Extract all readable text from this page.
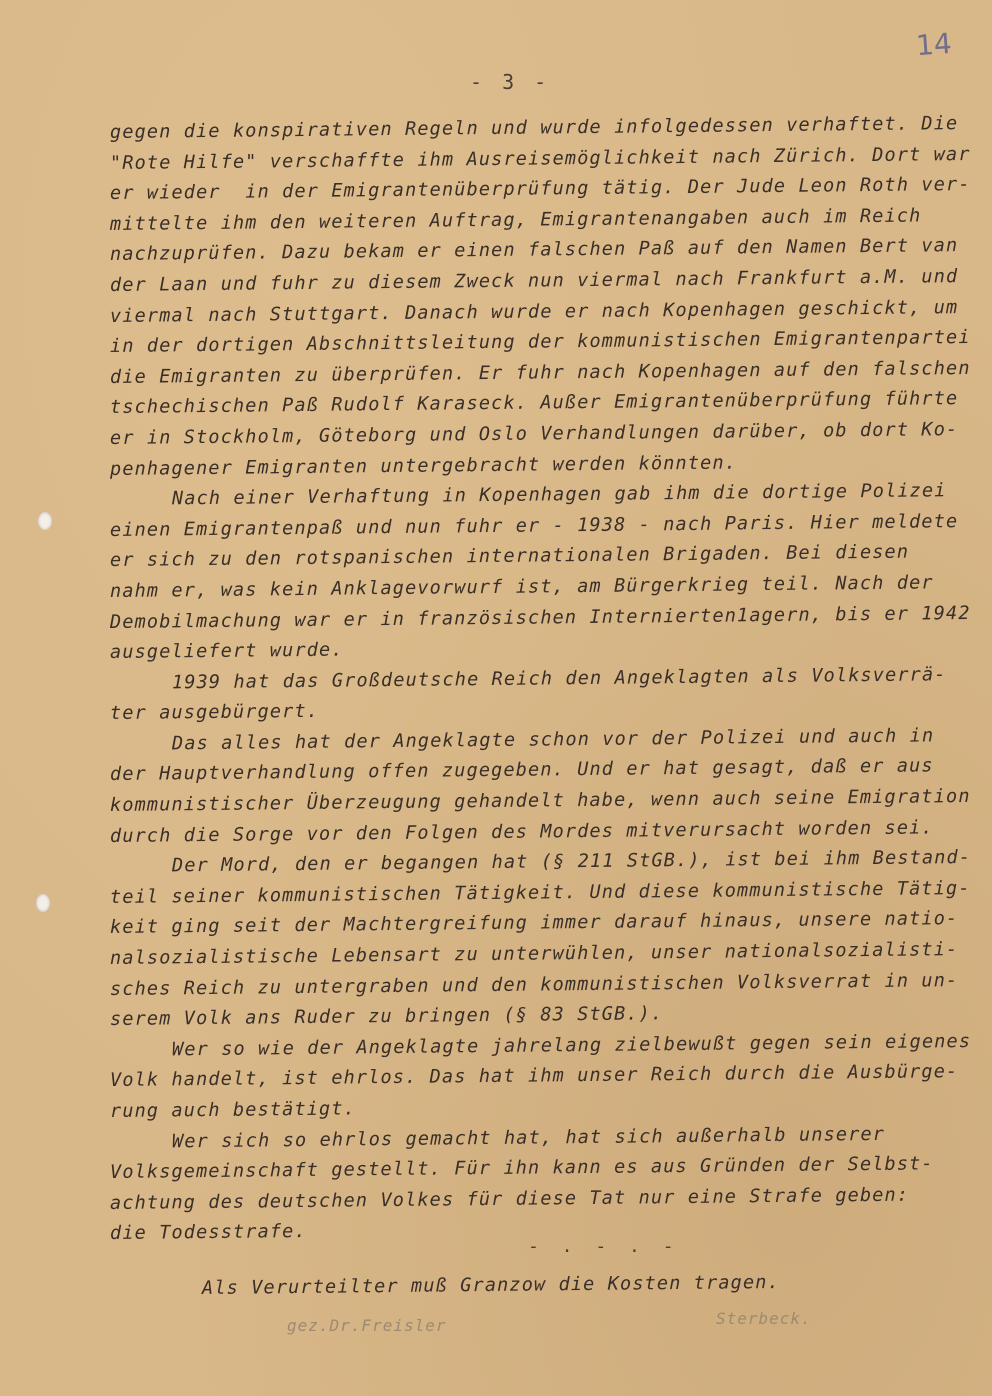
14
- 3 -
gegen die konspirativen Regeln und wurde infolgedessen verhaftet. Die
"Rote Hilfe" verschaffte ihm Ausreisemöglichkeit nach Zürich. Dort war
er wieder  in der Emigrantenüberprüfung tätig. Der Jude Leon Roth ver-
mittelte ihm den weiteren Auftrag, Emigrantenangaben auch im Reich
nachzuprüfen. Dazu bekam er einen falschen Paß auf den Namen Bert van
der Laan und fuhr zu diesem Zweck nun viermal nach Frankfurt a.M. und
viermal nach Stuttgart. Danach wurde er nach Kopenhagen geschickt, um
in der dortigen Abschnittsleitung der kommunistischen Emigrantenpartei
die Emigranten zu überprüfen. Er fuhr nach Kopenhagen auf den falschen
tschechischen Paß Rudolf Karaseck. Außer Emigrantenüberprüfung führte
er in Stockholm, Göteborg und Oslo Verhandlungen darüber, ob dort Ko-
penhagener Emigranten untergebracht werden könnten.
Nach einer Verhaftung in Kopenhagen gab ihm die dortige Polizei
einen Emigrantenpaß und nun fuhr er - 1938 - nach Paris. Hier meldete
er sich zu den rotspanischen internationalen Brigaden. Bei diesen
nahm er, was kein Anklagevorwurf ist, am Bürgerkrieg teil. Nach der
Demobilmachung war er in französischen Internierten1agern, bis er 1942
ausgeliefert wurde.
1939 hat das Großdeutsche Reich den Angeklagten als Volksverrä-
ter ausgebürgert.
Das alles hat der Angeklagte schon vor der Polizei und auch in
der Hauptverhandlung offen zugegeben. Und er hat gesagt, daß er aus
kommunistischer Überzeugung gehandelt habe, wenn auch seine Emigration
durch die Sorge vor den Folgen des Mordes mitverursacht worden sei.
Der Mord, den er begangen hat (§ 211 StGB.), ist bei ihm Bestand-
teil seiner kommunistischen Tätigkeit. Und diese kommunistische Tätig-
keit ging seit der Machtergreifung immer darauf hinaus, unsere natio-
nalsozialistische Lebensart zu unterwühlen, unser nationalsozialisti-
sches Reich zu untergraben und den kommunistischen Volksverrat in un-
serem Volk ans Ruder zu bringen (§ 83 StGB.).
Wer so wie der Angeklagte jahrelang zielbewußt gegen sein eigenes
Volk handelt, ist ehrlos. Das hat ihm unser Reich durch die Ausbürge-
rung auch bestätigt.
Wer sich so ehrlos gemacht hat, hat sich außerhalb unserer
Volksgemeinschaft gestellt. Für ihn kann es aus Gründen der Selbst-
achtung des deutschen Volkes für diese Tat nur eine Strafe geben:
die Todesstrafe.
- . - . -
Als Verurteilter muß Granzow die Kosten tragen.
gez.Dr.Freisler	Sterbeck.
